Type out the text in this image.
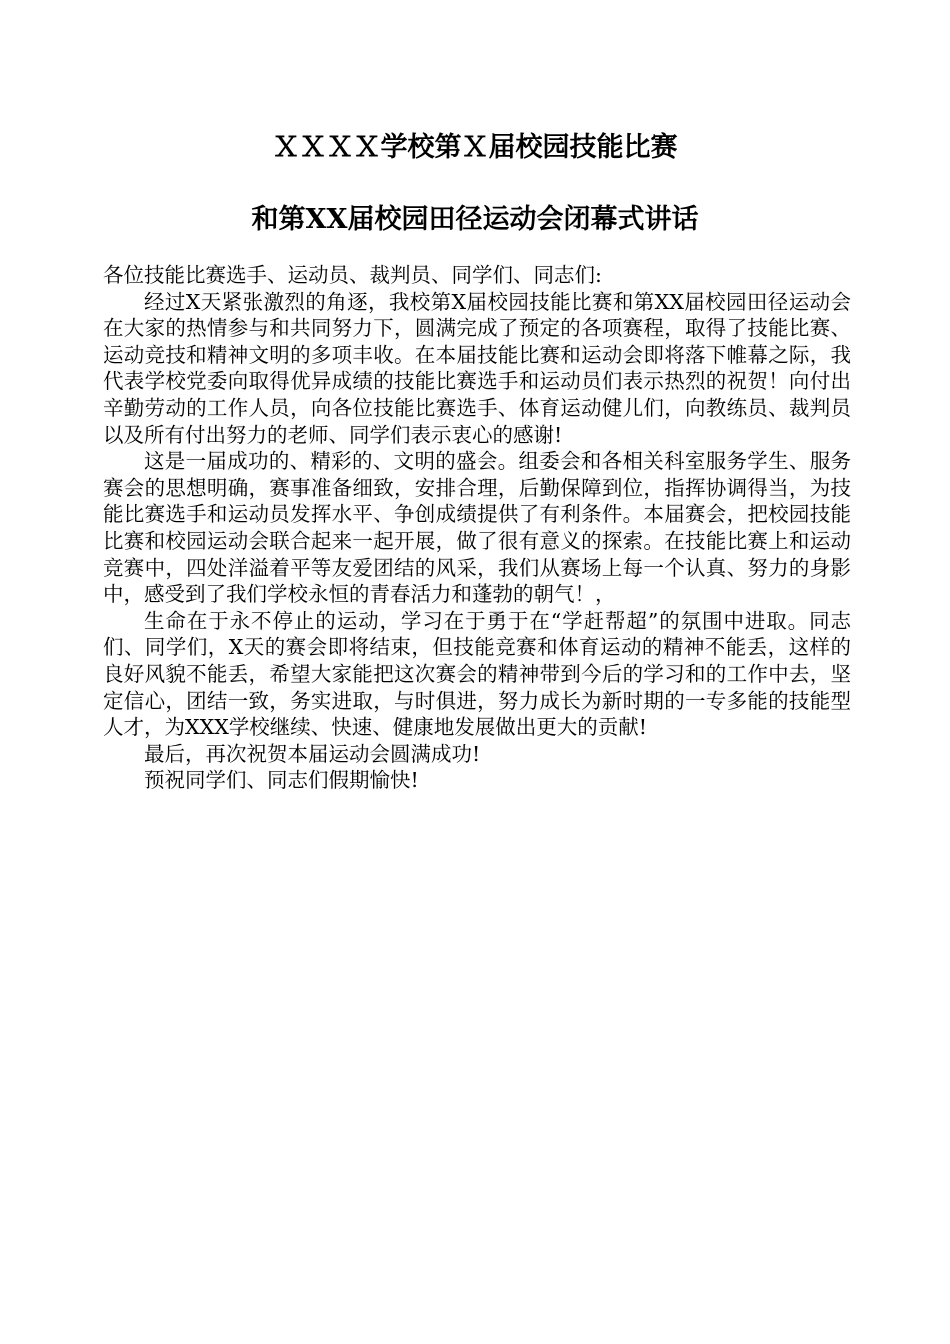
ＸＸＸＸ学校第Ｘ届校园技能比赛
和第XX届校园田径运动会闭幕式讲话

各位技能比赛选手、运动员、裁判员、同学们、同志们:

经过X天紧张激烈的角逐，我校第X届校园技能比赛和第XX届校园田径运动会在大家的热情参与和共同努力下，圆满完成了预定的各项赛程，取得了技能比赛、运动竞技和精神文明的多项丰收。在本届技能比赛和运动会即将落下帷幕之际，我代表学校党委向取得优异成绩的技能比赛选手和运动员们表示热烈的祝贺！向付出辛勤劳动的工作人员，向各位技能比赛选手、体育运动健儿们，向教练员、裁判员以及所有付出努力的老师、同学们表示衷心的感谢!

这是一届成功的、精彩的、文明的盛会。组委会和各相关科室服务学生、服务赛会的思想明确，赛事准备细致，安排合理，后勤保障到位，指挥协调得当，为技能比赛选手和运动员发挥水平、争创成绩提供了有利条件。本届赛会，把校园技能比赛和校园运动会联合起来一起开展，做了很有意义的探索。在技能比赛上和运动竞赛中，四处洋溢着平等友爱团结的风采，我们从赛场上每一个认真、努力的身影中，感受到了我们学校永恒的青春活力和蓬勃的朝气！，

生命在于永不停止的运动，学习在于勇于在“学赶帮超”的氛围中进取。同志们、同学们，X天的赛会即将结束，但技能竞赛和体育运动的精神不能丢，这样的良好风貌不能丢，希望大家能把这次赛会的精神带到今后的学习和的工作中去，坚定信心，团结一致，务实进取，与时俱进，努力成长为新时期的一专多能的技能型人才，为XXX学校继续、快速、健康地发展做出更大的贡献!

最后，再次祝贺本届运动会圆满成功!

预祝同学们、同志们假期愉快!
